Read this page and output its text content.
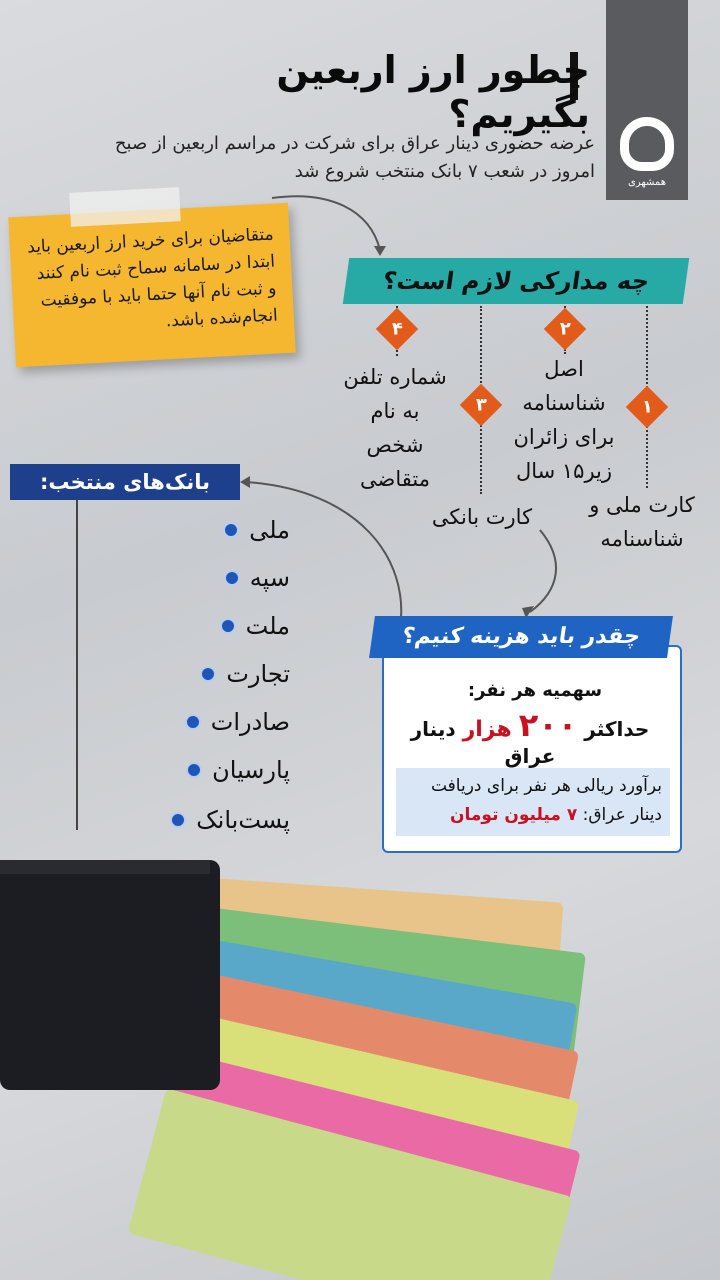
همشهری
چطور ارز اربعین بگیریم؟

عرضه حضوری دینار عراق برای شرکت در مراسم اربعین از صبح امروز در شعب ۷ بانک منتخب شروع شد

متقاضیان برای خرید ارز اربعین باید ابتدا در سامانه سماح ثبت نام کنند و ثبت نام آنها حتما باید با موفقیت انجام‌شده باشد.
چه مدارکی لازم است؟
۱
کارت ملی و شناسنامه
۲
اصل شناسنامه برای زائران زیر۱۵ سال
۳
کارت بانکی
۴
شماره تلفن به نام شخص متقاضی
بانک‌های منتخب:
ملی
سپه
ملت
تجارت
صادرات
پارسیان
پست‌بانک
چقدر باید هزینه کنیم؟
سهمیه هر نفر:
حداکثر ۲۰۰ هزار دینار عراق
برآورد ریالی هر نفر برای دریافت دینار عراق: ۷ میلیون تومان
